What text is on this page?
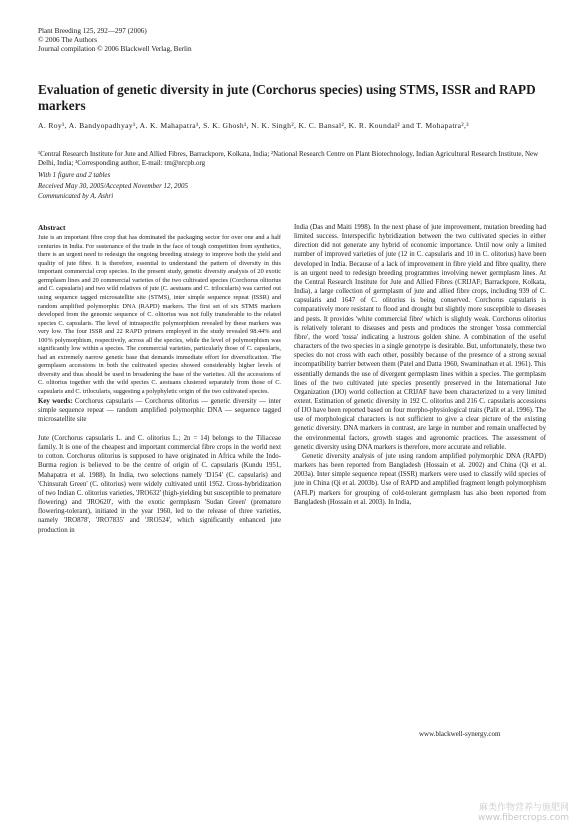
Plant Breeding 125, 292—297 (2006)
© 2006 The Authors
Journal compilation © 2006 Blackwell Verlag, Berlin
Evaluation of genetic diversity in jute (Corchorus species) using STMS, ISSR and RAPD markers
A. Roy¹, A. Bandyopadhyay¹, A. K. Mahapatra¹, S. K. Ghosh¹, N. K. Singh², K. C. Bansal², K. R. Koundal² and T. Mohapatra²,³
¹Central Research Institute for Jute and Allied Fibres, Barrackpore, Kolkata, India; ²National Research Centre on Plant Biotechnology, Indian Agricultural Research Institute, New Delhi, India; ³Corresponding author, E-mail: tm@nrcpb.org
With 1 figure and 2 tables
Received May 30, 2005/Accepted November 12, 2005
Communicated by A. Ashri
Abstract

Jute is an important fibre crop that has dominated the packaging sector for over one and a half centuries in India. For sustenance of the trade in the face of tough competition from synthetics, there is an urgent need to redesign the ongoing breeding strategy to improve both the yield and quality of jute fibre. It is therefore, essential to understand the pattern of diversity in this important commercial crop species. In the present study, genetic diversity analysis of 20 exotic germplasm lines and 20 commercial varieties of the two cultivated species (Corchorus olitorius and C. capsularis) and two wild relatives of jute (C. aestuans and C. trilocularis) was carried out using sequence tagged microsatellite site (STMS), inter simple sequence repeat (ISSR) and random amplified polymorphic DNA (RAPD) markers. The first set of six STMS markers developed from the genomic sequence of C. olitorius was not fully transferable to the related species C. capsularis. The level of intraspecific polymorphism revealed by these markers was very low. The four ISSR and 22 RAPD primers employed in the study revealed 98.44% and 100% polymorphism, respectively, across all the species, while the level of polymorphism was significantly low within a species. The commercial varieties, particularly those of C. capsularis, had an extremely narrow genetic base that demands immediate effort for diversification. The germplasm accessions in both the cultivated species showed considerably higher levels of diversity and thus should be used in broadening the base of the varieties. All the accessions of C. olitorius together with the wild species C. aestuans clustered separately from those of C. capsularis and C. trilocularis, suggesting a polyphyletic origin of the two cultivated species.

Key words: Corchorus capsularis — Corchorus olitorius — genetic diversity — inter simple sequence repeat — random amplified polymorphic DNA — sequence tagged microsatellite site

Jute (Corchorus capsularis L. and C. olitorius L.; 2n = 14) belongs to the Tiliaceae family. It is one of the cheapest and important commercial fibre crops in the world next to cotton. Corchorus olitorius is supposed to have originated in Africa while the Indo-Burma region is believed to be the centre of origin of C. capsularis (Kundu 1951, Mahapatra et al. 1988). In India, two selections namely 'D154' (C. capsularis) and 'Chinsurah Green' (C. olitorius) were widely cultivated until 1952. Cross-hybridization of two Indian C. olitorius varieties, 'JRO632' (high-yielding but susceptible to premature flowering) and 'JRO620', with the exotic germplasm 'Sudan Green' (premature flowering-tolerant), initiated in the year 1960, led to the release of three varieties, namely 'JRO878', 'JRO7835' and 'JRO524', which significantly enhanced jute production in

India (Das and Maiti 1998). In the next phase of jute improvement, mutation breeding had limited success. Interspecific hybridization between the two cultivated species in either direction did not generate any hybrid of economic importance. Until now only a limited number of improved varieties of jute (12 in C. capsularis and 10 in C. olitorius) have been developed in India. Because of a lack of improvement in fibre yield and fibre quality, there is an urgent need to redesign breeding programmes involving newer germplasm lines. At the Central Research Institute for Jute and Allied Fibres (CRIJAF; Barrackpore, Kolkata, India), a large collection of germplasm of jute and allied fibre crops, including 939 of C. capsularis and 1647 of C. olitorius is being conserved. Corchorus capsularis is comparatively more resistant to flood and drought but slightly more susceptible to diseases and pests. It provides 'white commercial fibre' which is slightly weak. Corchorus olitorius is relatively tolerant to diseases and pests and produces the stronger 'tossa commercial fibre', the word 'tossa' indicating a lustrous golden shine. A combination of the useful characters of the two species in a single genotype is desirable. But, unfortunately, these two species do not cross with each other, possibly because of the presence of a strong sexual incompatibility barrier between them (Patel and Datta 1960, Swaminathan et al. 1961). This essentially demands the use of divergent germplasm lines within a species. The germplasm lines of the two cultivated jute species presently preserved in the International Jute Organization (IJO) world collection at CRIJAF have been characterized to a very limited extent. Estimation of genetic diversity in 192 C. olitorius and 216 C. capsularis accessions of IJO have been reported based on four morpho-physiological traits (Palit et al. 1996). The use of morphological characters is not sufficient to give a clear picture of the existing genetic diversity. DNA markers in contrast, are large in number and remain unaffected by the environmental factors, growth stages and agronomic practices. The assessment of genetic diversity using DNA markers is therefore, more accurate and reliable.

Genetic diversity analysis of jute using random amplified polymorphic DNA (RAPD) markers has been reported from Bangladesh (Hossain et al. 2002) and China (Qi et al. 2003a). Inter simple sequence repeat (ISSR) markers were used to classify wild species of jute in China (Qi et al. 2003b). Use of RAPD and amplified fragment length polymorphism (AFLP) markers for grouping of cold-tolerant germplasm has also been reported from Bangladesh (Hossain et al. 2003). In India,

www.blackwell-synergy.com
麻类作物营养与施肥网
www.fibercrops.com
